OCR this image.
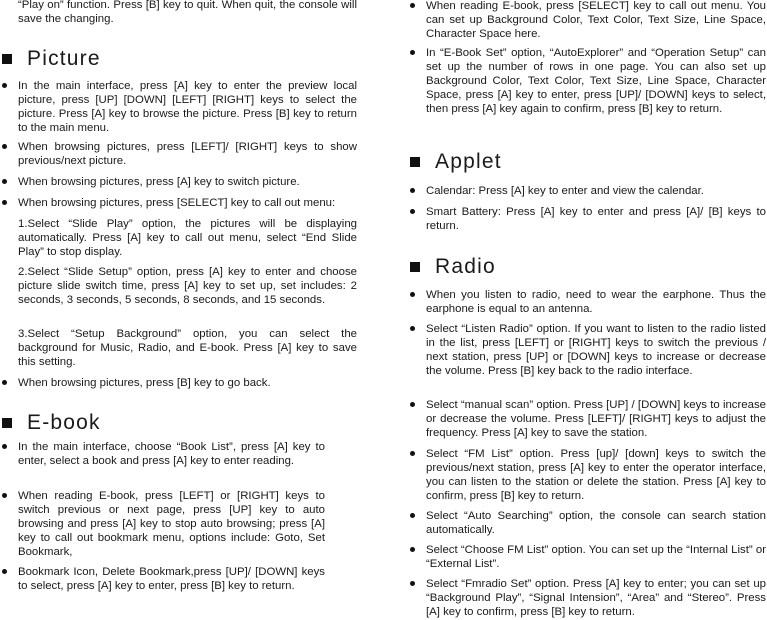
“Play on” function. Press [B] key to quit. When quit, the console will save the changing.

Picture

In the main interface, press [A] key to enter the preview local picture, press [UP] [DOWN] [LEFT] [RIGHT] keys to select the picture. Press [A] key to browse the picture. Press [B] key to return to the main menu.

When browsing pictures, press [LEFT]/ [RIGHT] keys to show previous/next picture.

When browsing pictures, press [A] key to switch picture.

When browsing pictures, press [SELECT] key to call out menu:

1.Select “Slide Play” option, the pictures will be displaying automatically. Press [A] key to call out menu, select “End Slide Play” to stop display.

2.Select “Slide Setup” option, press [A] key to enter and choose picture slide switch time, press [A] key to set up, set includes: 2 seconds, 3 seconds, 5 seconds, 8 seconds, and 15 seconds.

3.Select “Setup Background” option, you can select the background for Music, Radio, and E-book. Press [A] key to save this setting.

When browsing pictures, press [B] key to go back.

E-book

In the main interface, choose “Book List”, press [A] key to enter, select a book and press [A] key to enter reading.

When reading E-book, press [LEFT] or [RIGHT] keys to switch previous or next page, press [UP] key to auto browsing and press [A] key to stop auto browsing; press [A] key to call out bookmark menu, options include: Goto, Set Bookmark,

Bookmark Icon, Delete Bookmark,press [UP]/ [DOWN] keys to select, press [A] key to enter, press [B] key to return.

When reading E-book, press [SELECT] key to call out menu. You can set up Background Color, Text Color, Text Size, Line Space, Character Space here.

In “E-Book Set” option, “AutoExplorer” and “Operation Setup” can set up the number of rows in one page. You can also set up Background Color, Text Color, Text Size, Line Space, Character Space, press [A] key to enter, press [UP]/ [DOWN] keys to select, then press [A] key again to confirm, press [B] key to return.

Applet

Calendar: Press [A] key to enter and view the calendar.

Smart Battery: Press [A] key to enter and press [A]/ [B] keys to return.

Radio

When you listen to radio, need to wear the earphone. Thus the earphone is equal to an antenna.

Select “Listen Radio” option. If you want to listen to the radio listed in the list, press [LEFT] or [RIGHT] keys to switch the previous / next station, press [UP] or [DOWN] keys to increase or decrease the volume. Press [B] key back to the radio interface.

Select “manual scan” option. Press [UP] / [DOWN] keys to increase or decrease the volume. Press [LEFT]/ [RIGHT] keys to adjust the frequency. Press [A] key to save the station.

Select “FM List” option. Press [up]/ [down] keys to switch the previous/next station, press [A] key to enter the operator interface, you can listen to the station or delete the station. Press [A] key to confirm, press [B] key to return.

Select “Auto Searching” option, the console can search station automatically.

Select “Choose FM List” option. You can set up the “Internal List” or “External List”.

Select “Fmradio Set” option. Press [A] key to enter; you can set up “Background Play”, “Signal Intension”, “Area” and “Stereo”. Press [A] key to confirm, press [B] key to return.
